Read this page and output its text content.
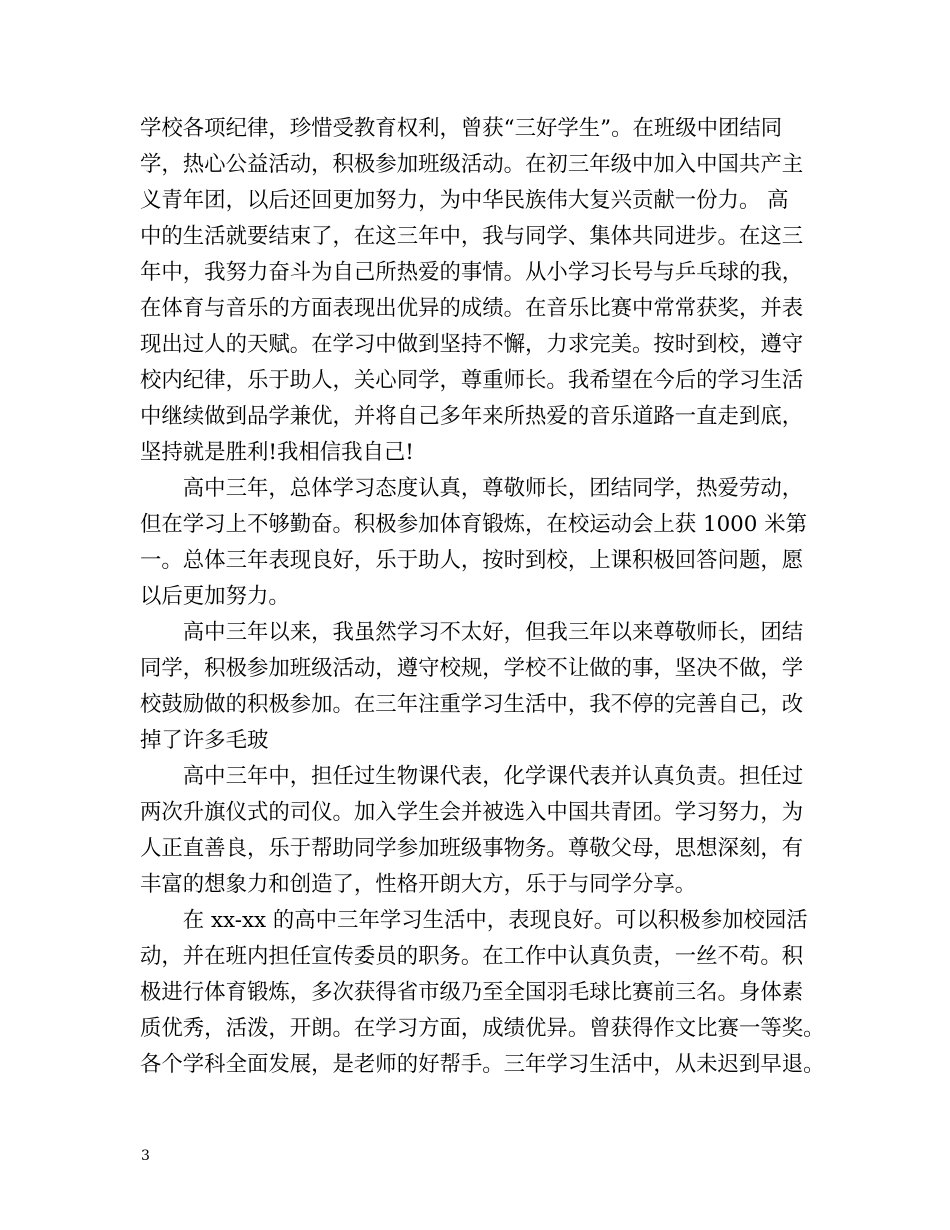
学校各项纪律，珍惜受教育权利，曾获“三好学生”。在班级中团结同
学，热心公益活动，积极参加班级活动。在初三年级中加入中国共产主
义青年团，以后还回更加努力，为中华民族伟大复兴贡献一份力。 高
中的生活就要结束了，在这三年中，我与同学、集体共同进步。在这三
年中，我努力奋斗为自己所热爱的事情。从小学习长号与乒乓球的我，
在体育与音乐的方面表现出优异的成绩。在音乐比赛中常常获奖，并表
现出过人的天赋。在学习中做到坚持不懈，力求完美。按时到校，遵守
校内纪律，乐于助人，关心同学，尊重师长。我希望在今后的学习生活
中继续做到品学兼优，并将自己多年来所热爱的音乐道路一直走到底，
坚持就是胜利!我相信我自己!
　　高中三年，总体学习态度认真，尊敬师长，团结同学，热爱劳动，
但在学习上不够勤奋。积极参加体育锻炼，在校运动会上获 1000 米第
一。总体三年表现良好，乐于助人，按时到校，上课积极回答问题，愿
以后更加努力。
　　高中三年以来，我虽然学习不太好，但我三年以来尊敬师长，团结
同学，积极参加班级活动，遵守校规，学校不让做的事，坚决不做，学
校鼓励做的积极参加。在三年注重学习生活中，我不停的完善自己，改
掉了许多毛玻
　　高中三年中，担任过生物课代表，化学课代表并认真负责。担任过
两次升旗仪式的司仪。加入学生会并被选入中国共青团。学习努力，为
人正直善良，乐于帮助同学参加班级事物务。尊敬父母，思想深刻，有
丰富的想象力和创造了，性格开朗大方，乐于与同学分享。
　　在 xx-xx 的高中三年学习生活中，表现良好。可以积极参加校园活
动，并在班内担任宣传委员的职务。在工作中认真负责，一丝不苟。积
极进行体育锻炼，多次获得省市级乃至全国羽毛球比赛前三名。身体素
质优秀，活泼，开朗。在学习方面，成绩优异。曾获得作文比赛一等奖。
各个学科全面发展，是老师的好帮手。三年学习生活中，从未迟到早退。
3
